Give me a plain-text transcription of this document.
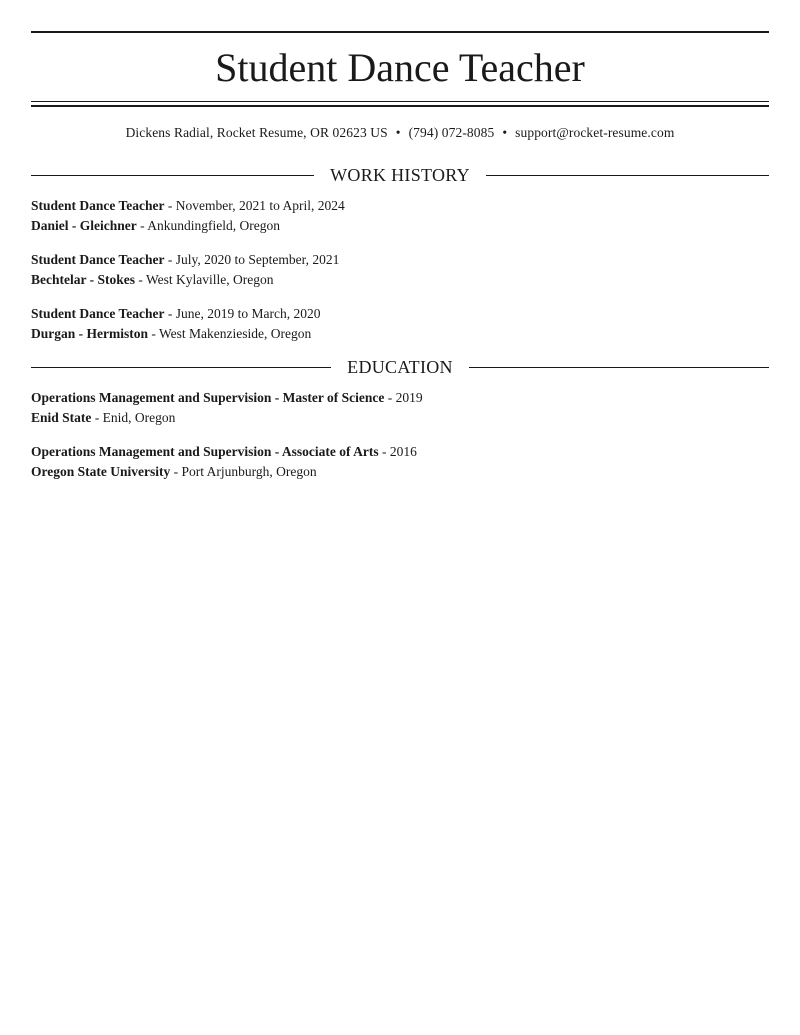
Student Dance Teacher
Dickens Radial, Rocket Resume, OR 02623 US • (794) 072-8085 • support@rocket-resume.com
WORK HISTORY
Student Dance Teacher - November, 2021 to April, 2024
Daniel - Gleichner - Ankundingfield, Oregon
Student Dance Teacher - July, 2020 to September, 2021
Bechtelar - Stokes - West Kylaville, Oregon
Student Dance Teacher - June, 2019 to March, 2020
Durgan - Hermiston - West Makenzieside, Oregon
EDUCATION
Operations Management and Supervision - Master of Science - 2019
Enid State - Enid, Oregon
Operations Management and Supervision - Associate of Arts - 2016
Oregon State University - Port Arjunburgh, Oregon
